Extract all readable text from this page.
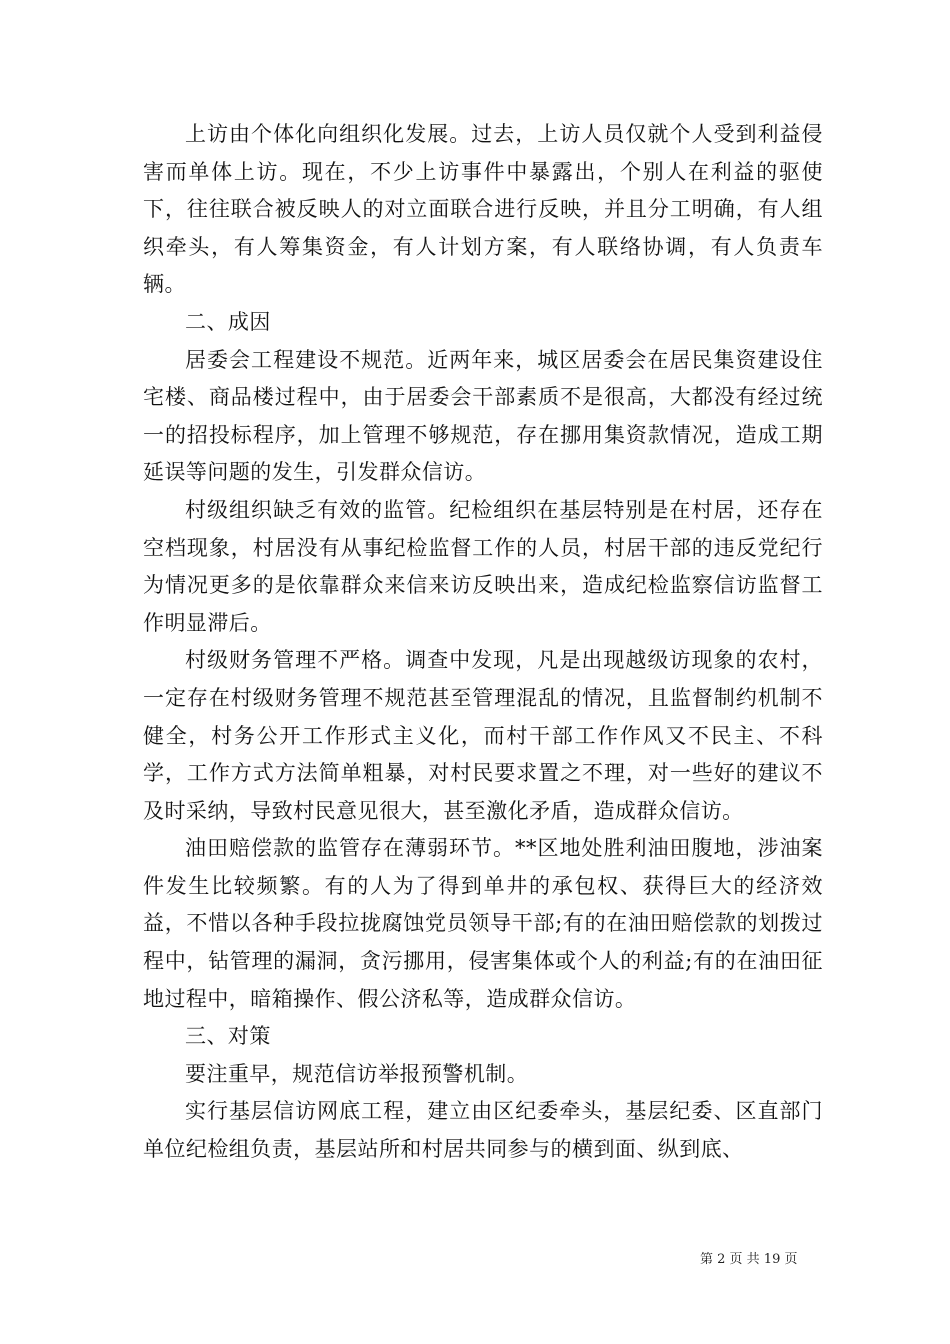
上访由个体化向组织化发展。过去，上访人员仅就个人受到利益侵害而单体上访。现在，不少上访事件中暴露出，个别人在利益的驱使下，往往联合被反映人的对立面联合进行反映，并且分工明确，有人组织牵头，有人筹集资金，有人计划方案，有人联络协调，有人负责车辆。

二、成因

居委会工程建设不规范。近两年来，城区居委会在居民集资建设住宅楼、商品楼过程中，由于居委会干部素质不是很高，大都没有经过统一的招投标程序，加上管理不够规范，存在挪用集资款情况，造成工期延误等问题的发生，引发群众信访。

村级组织缺乏有效的监管。纪检组织在基层特别是在村居，还存在空档现象，村居没有从事纪检监督工作的人员，村居干部的违反党纪行为情况更多的是依靠群众来信来访反映出来，造成纪检监察信访监督工作明显滞后。

村级财务管理不严格。调查中发现，凡是出现越级访现象的农村，一定存在村级财务管理不规范甚至管理混乱的情况，且监督制约机制不健全，村务公开工作形式主义化，而村干部工作作风又不民主、不科学，工作方式方法简单粗暴，对村民要求置之不理，对一些好的建议不及时采纳，导致村民意见很大，甚至激化矛盾，造成群众信访。

油田赔偿款的监管存在薄弱环节。**区地处胜利油田腹地，涉油案件发生比较频繁。有的人为了得到单井的承包权、获得巨大的经济效益，不惜以各种手段拉拢腐蚀党员领导干部;有的在油田赔偿款的划拨过程中，钻管理的漏洞，贪污挪用，侵害集体或个人的利益;有的在油田征地过程中，暗箱操作、假公济私等，造成群众信访。

三、对策

要注重早，规范信访举报预警机制。

实行基层信访网底工程，建立由区纪委牵头，基层纪委、区直部门单位纪检组负责，基层站所和村居共同参与的横到面、纵到底、

第 2 页 共 19 页
